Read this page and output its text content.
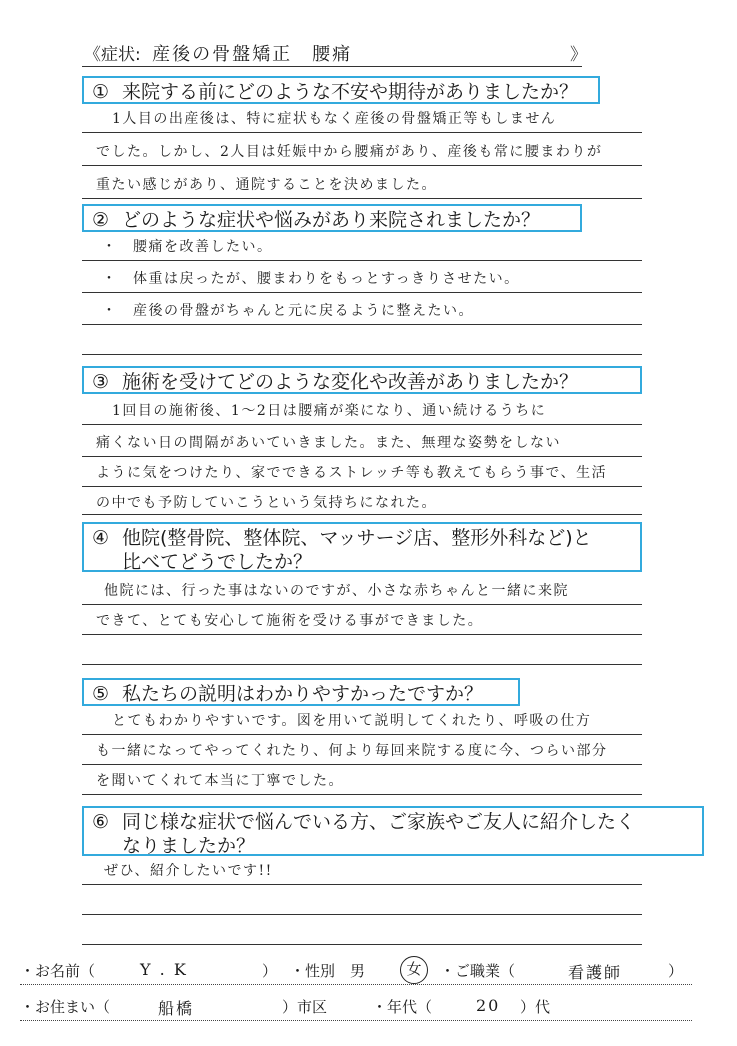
《症状: 産後の骨盤矯正　腰痛	》
① 来院する前にどのような不安や期待がありましたか？
1人目の出産後は、特に症状もなく産後の骨盤矯正等もしません
でした。しかし、2人目は妊娠中から腰痛があり、産後も常に腰まわりが
重たい感じがあり、通院することを決めました。
② どのような症状や悩みがあり来院されましたか？
・　腰痛を改善したい。
・　体重は戻ったが、腰まわりをもっとすっきりさせたい。
・　産後の骨盤がちゃんと元に戻るように整えたい。
③ 施術を受けてどのような変化や改善がありましたか？
1回目の施術後、1〜2日は腰痛が楽になり、通い続けるうちに
痛くない日の間隔があいていきました。また、無理な姿勢をしない
ように気をつけたり、家でできるストレッチ等も教えてもらう事で、生活
の中でも予防していこうという気持ちになれた。
④ 他院(整骨院、整体院、マッサージ店、整形外科など)と
比べてどうでしたか？
他院には、行った事はないのですが、小さな赤ちゃんと一緒に来院
できて、とても安心して施術を受ける事ができました。
⑤ 私たちの説明はわかりやすかったですか？
とてもわかりやすいです。図を用いて説明してくれたり、呼吸の仕方
も一緒になってやってくれたり、何より毎回来院する度に今、つらい部分
を聞いてくれて本当に丁寧でした。
⑥ 同じ様な症状で悩んでいる方、ご家族やご友人に紹介したく
なりましたか？
ぜひ、紹介したいです!!
・お名前（	Y . K	） ・性別　男	女	・ご職業（	看護師	）
・お住まい（	船橋	）市区	・年代（	20 ）代
